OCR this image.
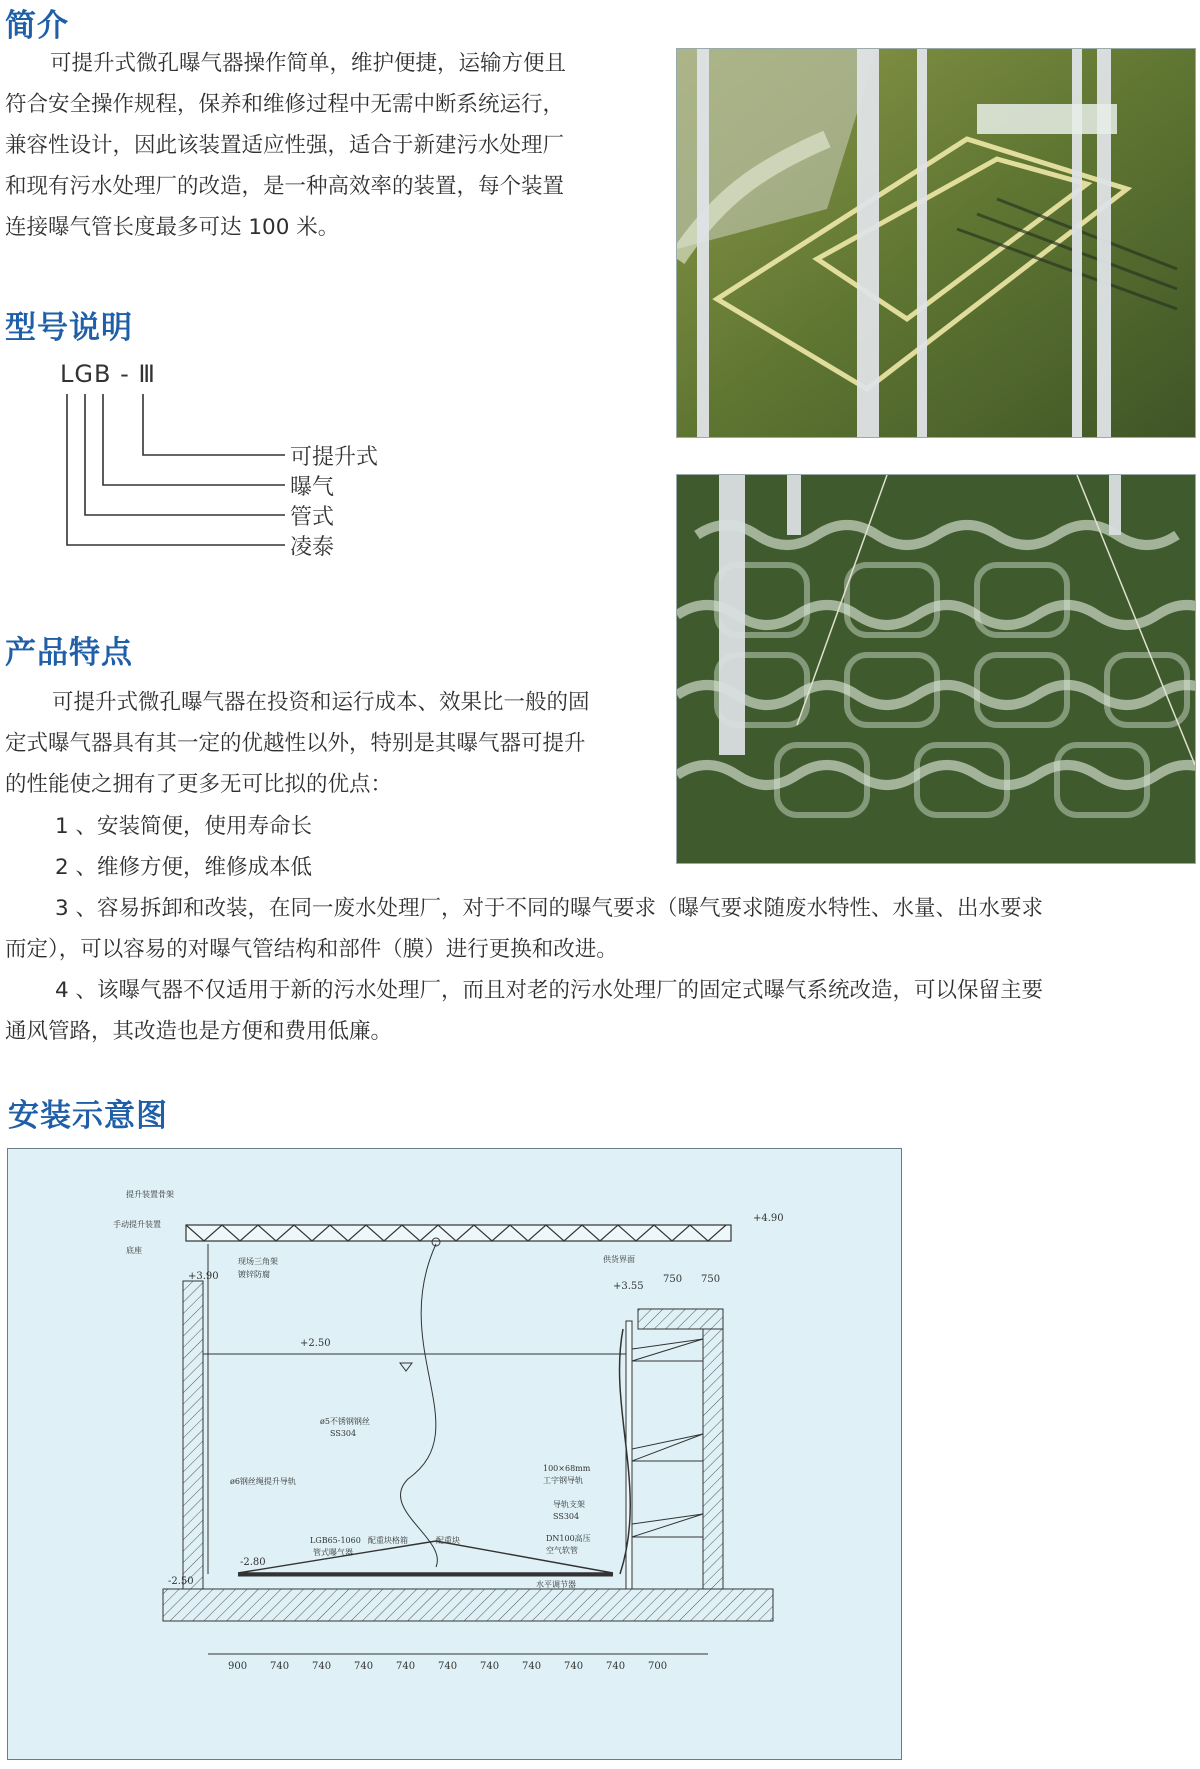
简介

可提升式微孔曝气器操作简单，维护便捷，运输方便且

符合安全操作规程，保养和维修过程中无需中断系统运行，

兼容性设计，因此该装置适应性强，适合于新建污水处理厂

和现有污水处理厂的改造，是一种高效率的装置，每个装置

连接曝气管长度最多可达 100 米。

型号说明
LGB - Ⅲ
可提升式
曝气
管式
凌泰
产品特点

可提升式微孔曝气器在投资和运行成本、效果比一般的固

定式曝气器具有其一定的优越性以外，特别是其曝气器可提升

的性能使之拥有了更多无可比拟的优点：

1 、安装简便，使用寿命长

2 、维修方便，维修成本低

3 、容易拆卸和改装，在同一废水处理厂，对于不同的曝气要求（曝气要求随废水特性、水量、出水要求

而定），可以容易的对曝气管结构和部件（膜）进行更换和改进。

4 、该曝气器不仅适用于新的污水处理厂，而且对老的污水处理厂的固定式曝气系统改造，可以保留主要

通风管路，其改造也是方便和费用低廉。

安装示意图
提升装置骨架
手动提升装置
底座
现场三角架
镀锌防腐
供货界面
ø5不锈钢钢丝
SS304
ø6钢丝绳提升导轨
100×68mm
工字钢导轨
导轨支架
SS304
DN100高压
空气软管
LGB65-1060
管式曝气器
配重块格箱	配重块
水平调节器
+4.90
+3.90
+3.55
+2.50
-2.80
-2.50
750 750
900 740 740 740 740 740 740 740 740 740 700
